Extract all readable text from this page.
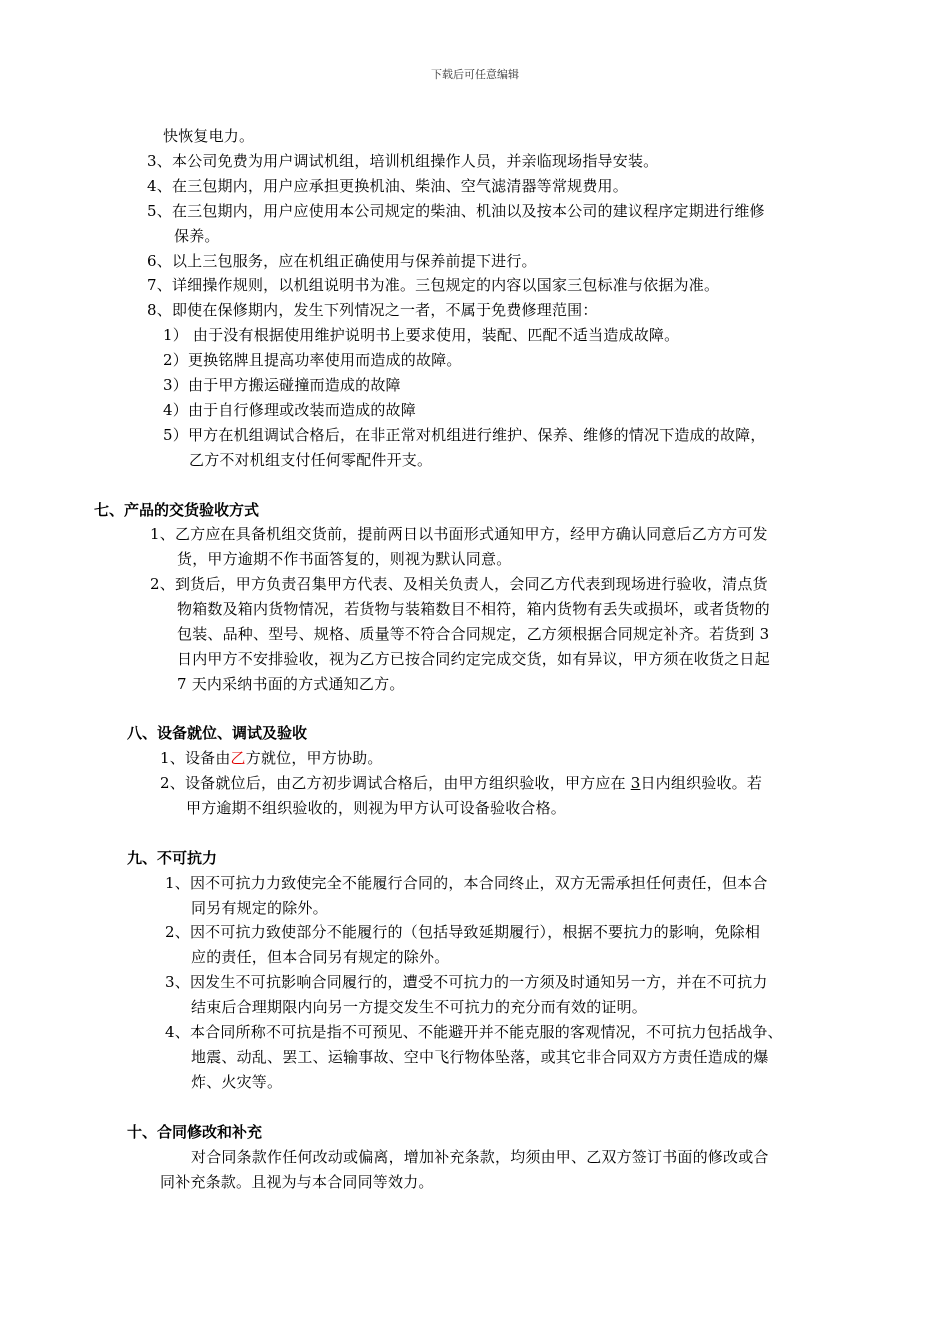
下载后可任意编辑
快恢复电力。
3、本公司免费为用户调试机组，培训机组操作人员，并亲临现场指导安装。
4、在三包期内，用户应承担更换机油、柴油、空气滤清器等常规费用。
5、在三包期内，用户应使用本公司规定的柴油、机油以及按本公司的建议程序定期进行维修
保养。
6、以上三包服务，应在机组正确使用与保养前提下进行。
7、详细操作规则，以机组说明书为准。三包规定的内容以国家三包标准与依据为准。
8、即使在保修期内，发生下列情况之一者，不属于免费修理范围：
1） 由于没有根据使用维护说明书上要求使用，装配、匹配不适当造成故障。
2）更换铭牌且提高功率使用而造成的故障。
3）由于甲方搬运碰撞而造成的故障
4）由于自行修理或改装而造成的故障
5）甲方在机组调试合格后，在非正常对机组进行维护、保养、维修的情况下造成的故障，
乙方不对机组支付任何零配件开支。
七、产品的交货验收方式
1、乙方应在具备机组交货前，提前两日以书面形式通知甲方，经甲方确认同意后乙方方可发
货，甲方逾期不作书面答复的，则视为默认同意。
2、到货后，甲方负责召集甲方代表、及相关负责人，会同乙方代表到现场进行验收，清点货
物箱数及箱内货物情况，若货物与装箱数目不相符，箱内货物有丢失或损坏，或者货物的
包装、品种、型号、规格、质量等不符合合同规定，乙方须根据合同规定补齐。若货到 3
日内甲方不安排验收，视为乙方已按合同约定完成交货，如有异议，甲方须在收货之日起
7 天内采纳书面的方式通知乙方。
八、设备就位、调试及验收
1、设备由乙方就位，甲方协助。
2、设备就位后，由乙方初步调试合格后，由甲方组织验收，甲方应在 3日内组织验收。若
甲方逾期不组织验收的，则视为甲方认可设备验收合格。
九、不可抗力
1、因不可抗力力致使完全不能履行合同的，本合同终止，双方无需承担任何责任，但本合
同另有规定的除外。
2、因不可抗力致使部分不能履行的（包括导致延期履行），根据不要抗力的影响，免除相
应的责任，但本合同另有规定的除外。
3、因发生不可抗影响合同履行的，遭受不可抗力的一方须及时通知另一方，并在不可抗力
结束后合理期限内向另一方提交发生不可抗力的充分而有效的证明。
4、本合同所称不可抗是指不可预见、不能避开并不能克服的客观情况，不可抗力包括战争、
地震、动乱、罢工、运输事故、空中飞行物体坠落，或其它非合同双方方责任造成的爆
炸、火灾等。
十、合同修改和补充
对合同条款作任何改动或偏离，增加补充条款，均须由甲、乙双方签订书面的修改或合
同补充条款。且视为与本合同同等效力。
